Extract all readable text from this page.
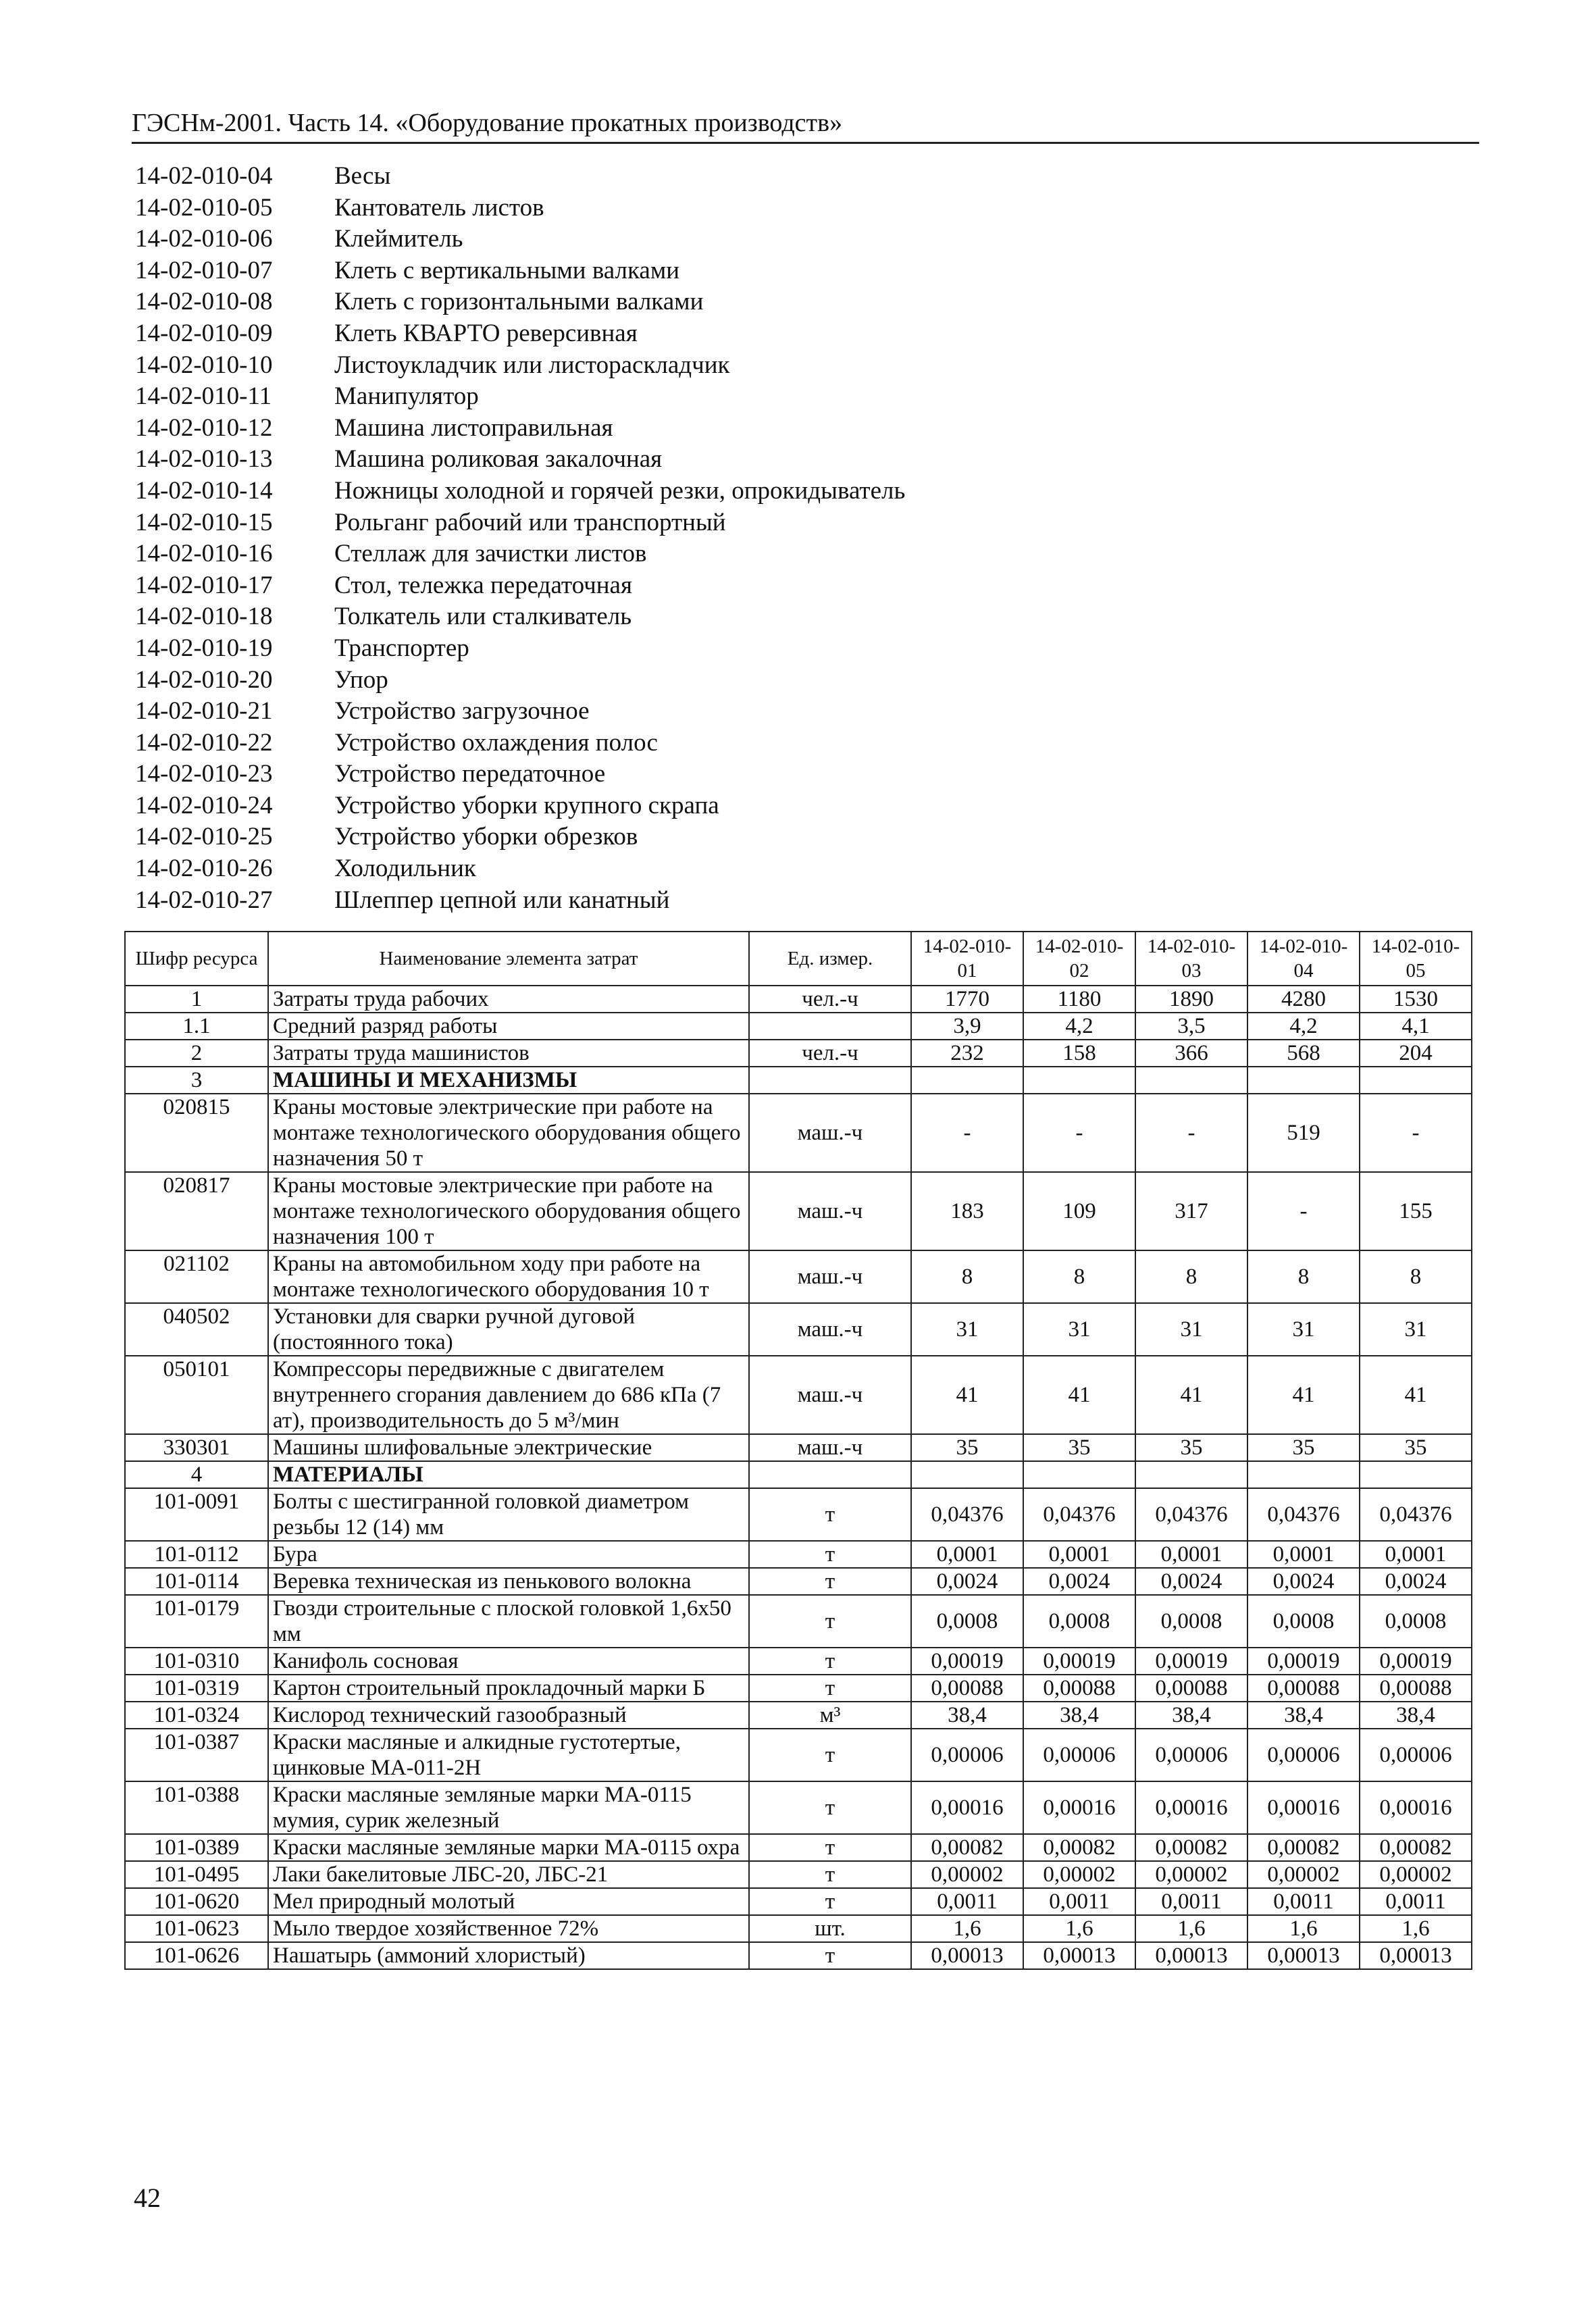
ГЭСНм-2001. Часть 14. «Оборудование прокатных производств»
14-02-010-04	Весы
14-02-010-05	Кантователь листов
14-02-010-06	Клеймитель
14-02-010-07	Клеть с вертикальными валками
14-02-010-08	Клеть с горизонтальными валками
14-02-010-09	Клеть КВАРТО реверсивная
14-02-010-10	Листоукладчик или листораскладчик
14-02-010-11	Манипулятор
14-02-010-12	Машина листоправильная
14-02-010-13	Машина роликовая закалочная
14-02-010-14	Ножницы холодной и горячей резки, опрокидыватель
14-02-010-15	Рольганг рабочий или транспортный
14-02-010-16	Стеллаж для зачистки листов
14-02-010-17	Стол, тележка передаточная
14-02-010-18	Толкатель или сталкиватель
14-02-010-19	Транспортер
14-02-010-20	Упор
14-02-010-21	Устройство загрузочное
14-02-010-22	Устройство охлаждения полос
14-02-010-23	Устройство передаточное
14-02-010-24	Устройство уборки крупного скрапа
14-02-010-25	Устройство уборки обрезков
14-02-010-26	Холодильник
14-02-010-27	Шлеппер цепной или канатный
Шифр ресурса	Наименование элемента затрат	Ед. измер.	14-02-010-01	14-02-010-02	14-02-010-03	14-02-010-04	14-02-010-05
1	Затраты труда рабочих	чел.-ч	1770	1180	1890	4280	1530
1.1	Средний разряд работы		3,9	4,2	3,5	4,2	4,1
2	Затраты труда машинистов	чел.-ч	232	158	366	568	204
3	МАШИНЫ И МЕХАНИЗМЫ						
020815	Краны мостовые электрические при работе на монтаже технологического оборудования общего назначения 50 т	маш.-ч	-	-	-	519	-
020817	Краны мостовые электрические при работе на монтаже технологического оборудования общего назначения 100 т	маш.-ч	183	109	317	-	155
021102	Краны на автомобильном ходу при работе на монтаже технологического оборудования 10 т	маш.-ч	8	8	8	8	8
040502	Установки для сварки ручной дуговой (постоянного тока)	маш.-ч	31	31	31	31	31
050101	Компрессоры передвижные с двигателем внутреннего сгорания давлением до 686 кПа (7 ат), производительность до 5 м³/мин	маш.-ч	41	41	41	41	41
330301	Машины шлифовальные электрические	маш.-ч	35	35	35	35	35
4	МАТЕРИАЛЫ						
101-0091	Болты с шестигранной головкой диаметром резьбы 12 (14) мм	т	0,04376	0,04376	0,04376	0,04376	0,04376
101-0112	Бура	т	0,0001	0,0001	0,0001	0,0001	0,0001
101-0114	Веревка техническая из пенькового волокна	т	0,0024	0,0024	0,0024	0,0024	0,0024
101-0179	Гвозди строительные с плоской головкой 1,6х50 мм	т	0,0008	0,0008	0,0008	0,0008	0,0008
101-0310	Канифоль сосновая	т	0,00019	0,00019	0,00019	0,00019	0,00019
101-0319	Картон строительный прокладочный марки Б	т	0,00088	0,00088	0,00088	0,00088	0,00088
101-0324	Кислород технический газообразный	м³	38,4	38,4	38,4	38,4	38,4
101-0387	Краски масляные и алкидные густотертые, цинковые МА-011-2Н	т	0,00006	0,00006	0,00006	0,00006	0,00006
101-0388	Краски масляные земляные марки МА-0115 мумия, сурик железный	т	0,00016	0,00016	0,00016	0,00016	0,00016
101-0389	Краски масляные земляные марки МА-0115 охра	т	0,00082	0,00082	0,00082	0,00082	0,00082
101-0495	Лаки бакелитовые ЛБС-20, ЛБС-21	т	0,00002	0,00002	0,00002	0,00002	0,00002
101-0620	Мел природный молотый	т	0,0011	0,0011	0,0011	0,0011	0,0011
101-0623	Мыло твердое хозяйственное 72%	шт.	1,6	1,6	1,6	1,6	1,6
101-0626	Нашатырь (аммоний хлористый)	т	0,00013	0,00013	0,00013	0,00013	0,00013
42
